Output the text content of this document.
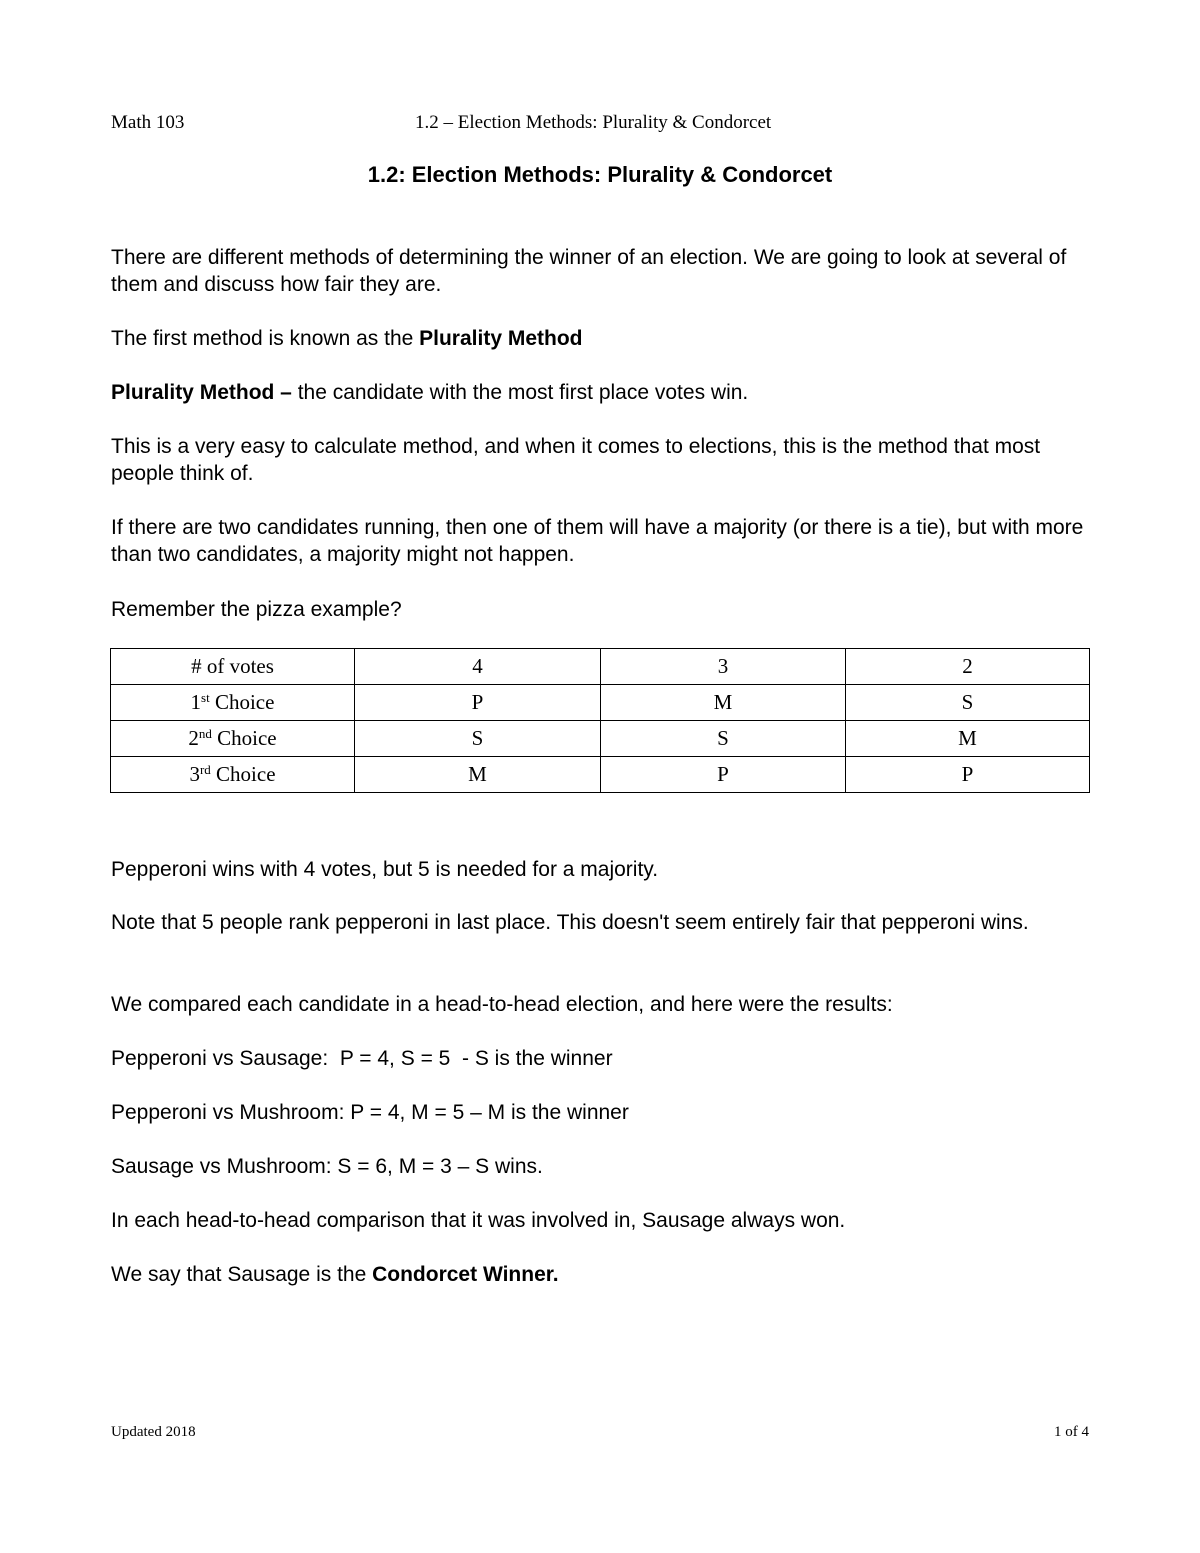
Math 103	1.2 – Election Methods: Plurality & Condorcet
1.2: Election Methods: Plurality & Condorcet
There are different methods of determining the winner of an election. We are going to look at several of them and discuss how fair they are.
The first method is known as the Plurality Method
Plurality Method – the candidate with the most first place votes win.
This is a very easy to calculate method, and when it comes to elections, this is the method that most people think of.
If there are two candidates running, then one of them will have a majority (or there is a tie), but with more than two candidates, a majority might not happen.
Remember the pizza example?
# of votes	4	3	2
1st Choice	P	M	S
2nd Choice	S	S	M
3rd Choice	M	P	P
Pepperoni wins with 4 votes, but 5 is needed for a majority.
Note that 5 people rank pepperoni in last place. This doesn't seem entirely fair that pepperoni wins.
We compared each candidate in a head-to-head election, and here were the results:
Pepperoni vs Sausage:  P = 4, S = 5  - S is the winner
Pepperoni vs Mushroom: P = 4, M = 5 – M is the winner
Sausage vs Mushroom: S = 6, M = 3 – S wins.
In each head-to-head comparison that it was involved in, Sausage always won.
We say that Sausage is the Condorcet Winner.
Updated 2018	1 of 4
